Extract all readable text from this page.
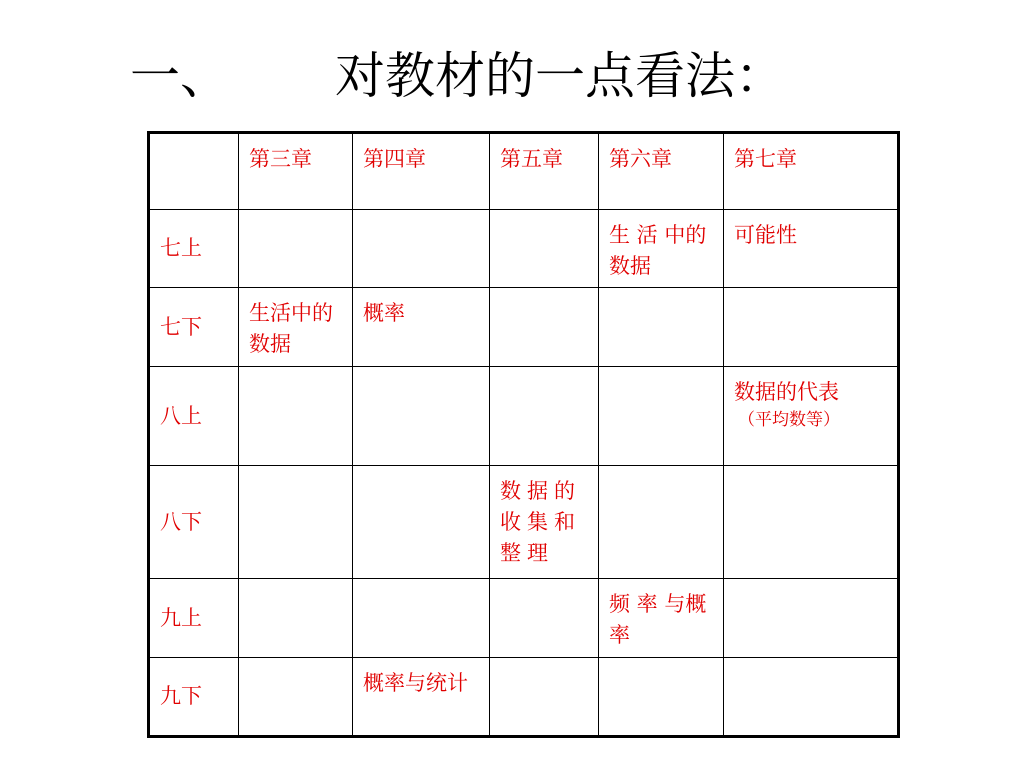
一、 对教材的一点看法：
	第三章	第四章	第五章	第六章	第七章
七上				生 活 中的数据	可能性
七下	生活中的数据	概率			
八上					数据的代表
（平均数等）

八下			数据的收集和整理		
九上				频 率 与概率	
九下		概率与统计			
